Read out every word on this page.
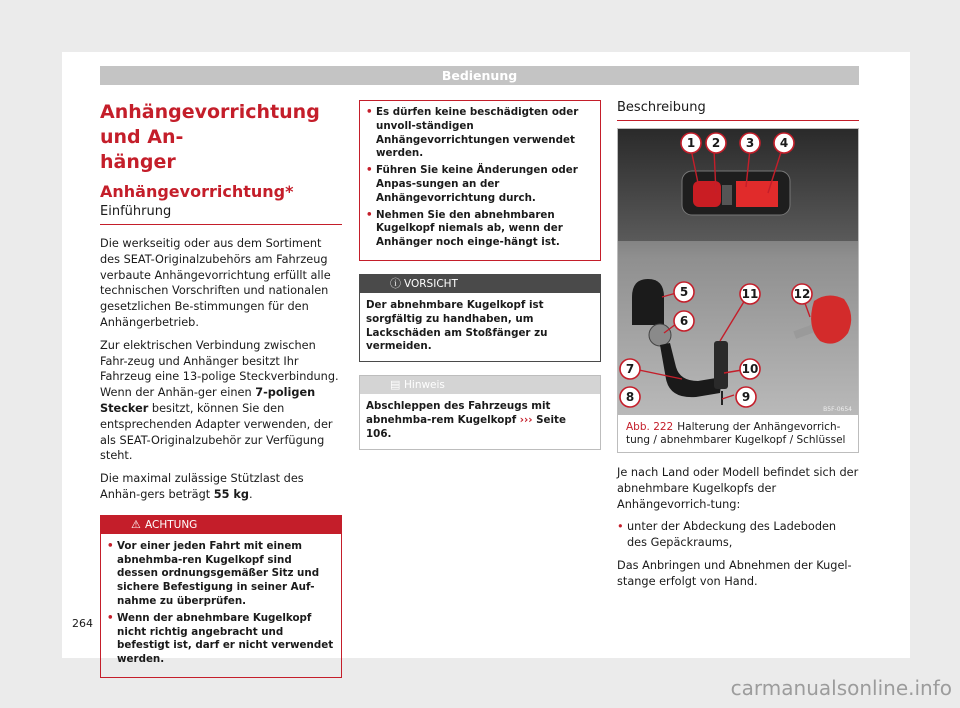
Bedienung
Anhängevorrichtung und An-
hänger
Anhängevorrichtung*
Einführung

Die werkseitig oder aus dem Sortiment des SEAT-Originalzubehörs am Fahrzeug verbaute Anhängevorrichtung erfüllt alle technischen Vorschriften und nationalen gesetzlichen Be-stimmungen für den Anhängerbetrieb.

Zur elektrischen Verbindung zwischen Fahr-zeug und Anhänger besitzt Ihr Fahrzeug eine 13-polige Steckverbindung. Wenn der Anhän-ger einen 7-poligen Stecker besitzt, können Sie den entsprechenden Adapter verwenden, der als SEAT-Originalzubehör zur Verfügung steht.

Die maximal zulässige Stützlast des Anhän-gers beträgt 55 kg.

⚠ ACHTUNG
• Vor einer jeden Fahrt mit einem abnehmba-ren Kugelkopf sind dessen ordnungsgemäßer Sitz und sichere Befestigung in seiner Auf-nahme zu überprüfen.
• Wenn der abnehmbare Kugelkopf nicht richtig angebracht und befestigt ist, darf er nicht verwendet werden.
• Es dürfen keine beschädigten oder unvoll-ständigen Anhängevorrichtungen verwendet werden.
• Führen Sie keine Änderungen oder Anpas-sungen an der Anhängevorrichtung durch.
• Nehmen Sie den abnehmbaren Kugelkopf niemals ab, wenn der Anhänger noch einge-hängt ist.
ⓘ VORSICHT
Der abnehmbare Kugelkopf ist sorgfältig zu handhaben, um Lackschäden am Stoßfänger zu vermeiden.
▤ Hinweis
Abschleppen des Fahrzeugs mit abnehmba-rem Kugelkopf ››› Seite 106.
Beschreibung
1 2 3 4
5
6
7
8	9
10
11	12
B5F-0654
Abb. 222 Halterung der Anhängevorrich-tung / abnehmbarer Kugelkopf / Schlüssel

Je nach Land oder Modell befindet sich der abnehmbare Kugelkopfs der Anhängevorrich-tung:

• unter der Abdeckung des Ladeboden des Gepäckraums,

Das Anbringen und Abnehmen der Kugel-stange erfolgt von Hand.

264
carmanualsonline.info
